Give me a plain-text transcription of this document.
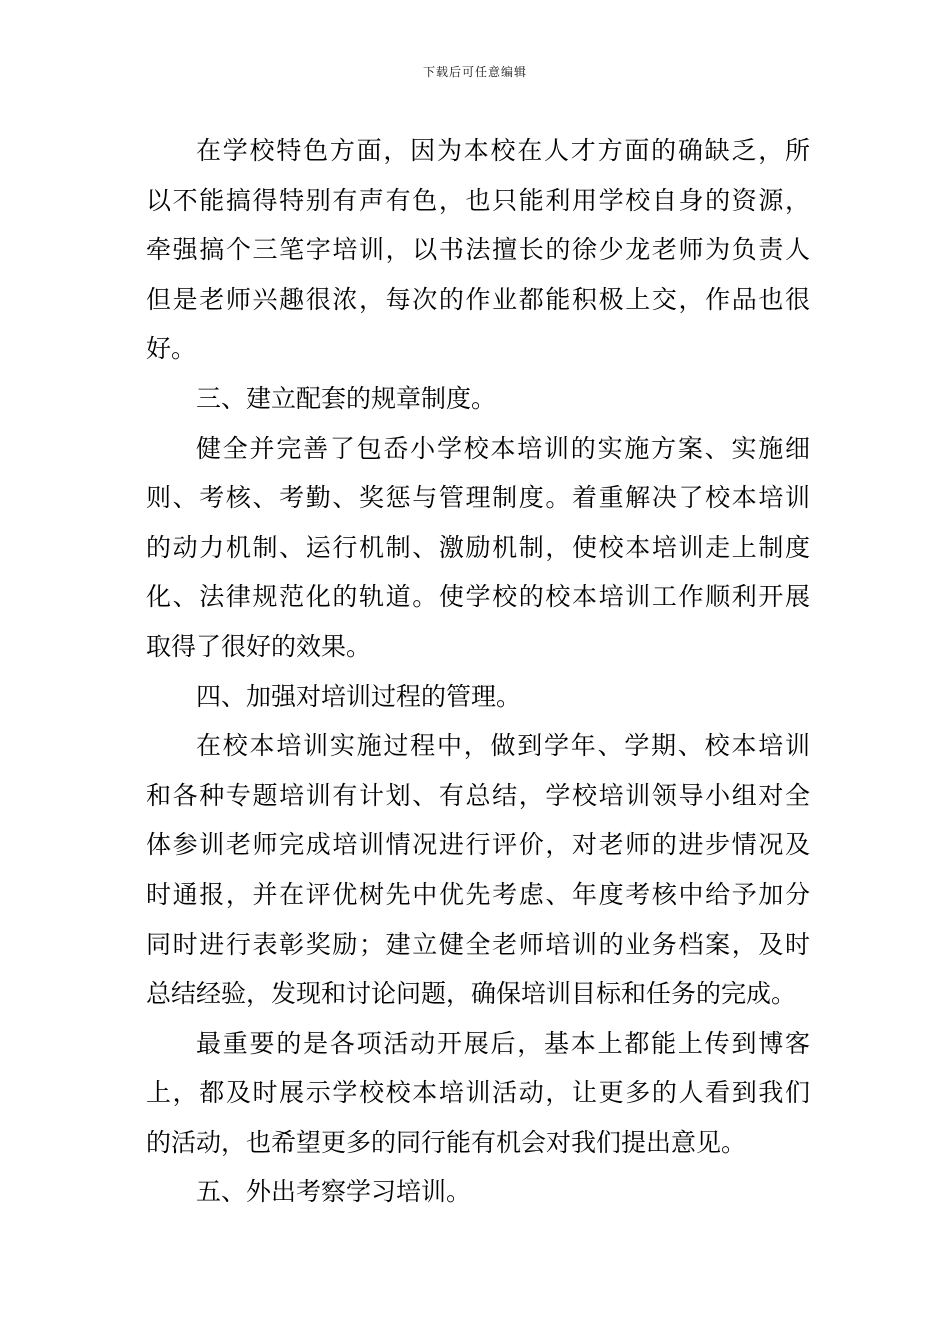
下载后可任意编辑
在学校特色方面，因为本校在人才方面的确缺乏，所
以不能搞得特别有声有色，也只能利用学校自身的资源，
牵强搞个三笔字培训，以书法擅长的徐少龙老师为负责人
但是老师兴趣很浓，每次的作业都能积极上交，作品也很
好。
三、建立配套的规章制度。
健全并完善了包岙小学校本培训的实施方案、实施细
则、考核、考勤、奖惩与管理制度。着重解决了校本培训
的动力机制、运行机制、激励机制，使校本培训走上制度
化、法律规范化的轨道。使学校的校本培训工作顺利开展
取得了很好的效果。
四、加强对培训过程的管理。
在校本培训实施过程中，做到学年、学期、校本培训
和各种专题培训有计划、有总结，学校培训领导小组对全
体参训老师完成培训情况进行评价，对老师的进步情况及
时通报，并在评优树先中优先考虑、年度考核中给予加分
同时进行表彰奖励；建立健全老师培训的业务档案，及时
总结经验，发现和讨论问题，确保培训目标和任务的完成。
最重要的是各项活动开展后，基本上都能上传到博客
上，都及时展示学校校本培训活动，让更多的人看到我们
的活动，也希望更多的同行能有机会对我们提出意见。
五、外出考察学习培训。
